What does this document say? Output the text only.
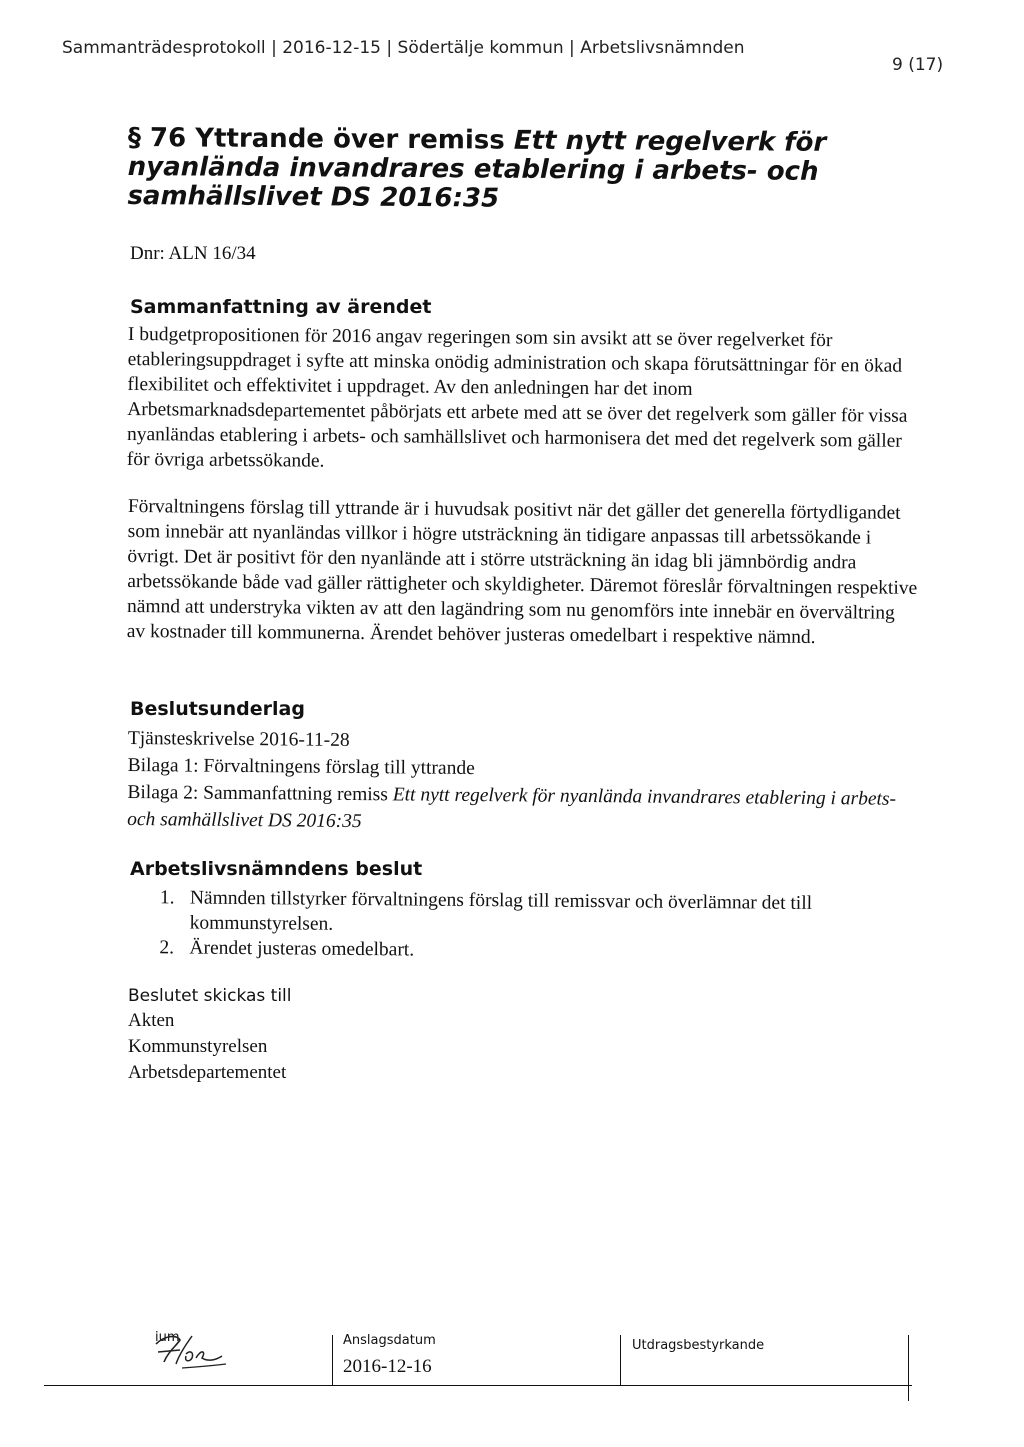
Sammanträdesprotokoll | 2016-12-15 | Södertälje kommun | Arbetslivsnämnden
9 (17)
§ 76 Yttrande över remiss Ett nytt regelverk för nyanlända invandrares etablering i arbets- och samhällslivet DS 2016:35
Dnr: ALN 16/34
Sammanfattning av ärendet
I budgetpropositionen för 2016 angav regeringen som sin avsikt att se över regelverket för etableringsuppdraget i syfte att minska onödig administration och skapa förutsättningar för en ökad flexibilitet och effektivitet i uppdraget. Av den anledningen har det inom Arbetsmarknadsdepartementet påbörjats ett arbete med att se över det regelverk som gäller för vissa nyanländas etablering i arbets- och samhällslivet och harmonisera det med det regelverk som gäller för övriga arbetssökande.
Förvaltningens förslag till yttrande är i huvudsak positivt när det gäller det generella förtydligandet som innebär att nyanländas villkor i högre utsträckning än tidigare anpassas till arbetssökande i övrigt. Det är positivt för den nyanlände att i större utsträckning än idag bli jämnbördig andra arbetssökande både vad gäller rättigheter och skyldigheter. Däremot föreslår förvaltningen respektive nämnd att understryka vikten av att den lagändring som nu genomförs inte innebär en övervältring av kostnader till kommunerna. Ärendet behöver justeras omedelbart i respektive nämnd.
Beslutsunderlag
Tjänsteskrivelse 2016-11-28
Bilaga 1: Förvaltningens förslag till yttrande
Bilaga 2: Sammanfattning remiss Ett nytt regelverk för nyanlända invandrares etablering i arbets- och samhällslivet DS 2016:35
Arbetslivsnämndens beslut
1. Nämnden tillstyrker förvaltningens förslag till remissvar och överlämnar det till kommunstyrelsen.
2. Ärendet justeras omedelbart.
Beslutet skickas till
Akten
Kommunstyrelsen
Arbetsdepartementet
ium	Anslagsdatum
2016-12-16
Utdragsbestyrkande
